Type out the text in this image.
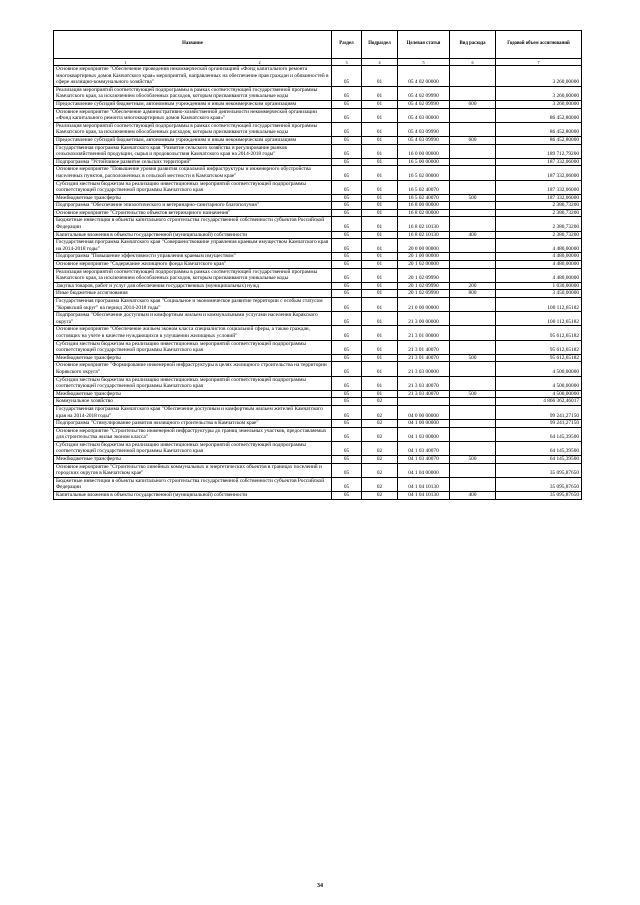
Название	Раздел	Подраздел	Целевая статья	Вид расхода	Годовой объем ассигнований
1 2	3	4	5	6	7
Основное мероприятие "Обеспечение проведения некоммерческой организацией «Фонд капитального ремонта многоквартирных домов Камчатского края» мероприятий, направленных на обеспечение прав граждан и обязанностей в сфере жилищно-коммунального хозяйства"	05	01	05 4 02 00000		3 260,00000
Реализация мероприятий соответствующей подпрограммы в рамках соответствующей государственной программы Камчатского края, за исключением обособленных расходов, которым присваиваются уникальные коды	05	01	05 4 02 09990		3 260,00000
Предоставление субсидий бюджетным, автономным учреждениям и иным некоммерческим организациям	05	01	05 4 02 09990	600	3 260,00000
Основное мероприятие "Обеспечение административно-хозяйственной деятельности некоммерческой организации «Фонд капитального ремонта многоквартирных домов Камчатского края»"	05	01	05 4 03 00000		86 452,80000
Реализация мероприятий соответствующей подпрограммы в рамках соответствующей государственной программы Камчатского края, за исключением обособленных расходов, которым присваиваются уникальные коды	05	01	05 4 03 09990		86 452,80000
Предоставление субсидий бюджетным, автономным учреждениям и иным некоммерческим организациям	05	01	05 4 03 09990	600	86 452,80000
Государственная программа Камчатского края "Развитие сельского хозяйства и регулирование рынков сельскохозяйственной продукции, сырья и продовольствия Камчатского края на 2014-2018 годы"	05	01	16 0 00 00000		189 712,79200
Подпрограмма "Устойчивое развитие сельских территорий"	05	01	16 5 00 00000		187 332,06000
Основное мероприятие "Повышение уровня развития социальной инфраструктуры и инженерного обустройства населенных пунктов, расположенных в сельской местности в Камчатском крае"	05	01	16 5 02 00000		187 332,06000
Субсидии местным бюджетам на реализацию инвестиционных мероприятий соответствующей подпрограммы соответствующей государственной программы Камчатского края	05	01	16 5 02 40070		187 332,06000
Межбюджетные трансферты	05	01	16 5 02 40070	500	187 332,06000
Подпрограмма "Обеспечение эпизоотического и ветеринарно-санитарного благополучия"	05	01	16 8 00 00000		2 380,73200
Основное мероприятие "Строительство объектов ветеринарного назначения"	05	01	16 8 02 00000		2 380,73200
Бюджетные инвестиции в объекты капитального строительства государственной собственности субъектов Российской Федерации	05	01	16 8 02 10130		2 380,73200
Капитальные вложения в объекты государственной (муниципальной) собственности	05	01	16 8 02 10130	400	2 380,73200
Государственная программа Камчатского края "Совершенствование управления краевым имуществом Камчатского края на 2014-2018 годы"	05	01	20 0 00 00000		4 480,00000
Подпрограмма "Повышение эффективности управления краевым имуществом"	05	01	20 1 00 00000		4 480,00000
Основное мероприятие "Содержание жилищного фонда Камчатского края"	05	01	20 1 02 00000		4 480,00000
Реализация мероприятий соответствующей подпрограммы в рамках соответствующей государственной программы Камчатского края, за исключением обособленных расходов, которым присваиваются уникальные коды	05	01	20 1 02 09990		4 480,00000
Закупка товаров, работ и услуг для обеспечения государственных (муниципальных) нужд	05	01	20 1 02 09990	200	1 030,00000
Иные бюджетные ассигнования	05	01	20 1 02 09990	800	3 450,00000
Государственная программа Камчатского края "Социальное и экономическое развитие территории с особым статусом "Корякский округ" на период 2014-2018 годы"	05	01	21 0 00 00000		100 112,65182
Подпрограмма "Обеспечение доступным и комфортным жильем и коммунальными услугами населения Корякского округа"	05	01	21 3 00 00000		100 112,65182
Основное мероприятие "Обеспечение жильем эконом класса специалистов социальной сферы, а также граждан, состоящих на учете в качестве нуждающихся в улучшении жилищных условий"	05	01	21 3 01 00000		95 612,65182
Субсидии местным бюджетам на реализацию инвестиционных мероприятий соответствующей подпрограммы соответствующей государственной программы Камчатского края	05	01	21 3 01 40070		95 612,65182
Межбюджетные трансферты	05	01	21 3 01 40070	500	95 612,65182
Основное мероприятие "Формирование инженерной инфраструктуры в целях жилищного строительства на территории Корякского округа"	05	01	21 3 03 00000		4 500,00000
Субсидии местным бюджетам на реализацию инвестиционных мероприятий соответствующей подпрограммы соответствующей государственной программы Камчатского края	05	01	21 3 03 40070		4 500,00000
Межбюджетные трансферты	05	01	21 3 03 40070	500	4 500,00000
Коммунальное хозяйство	05	02			4 866 362,46017
Государственная программа Камчатского края "Обеспечение доступным и комфортным жильем жителей Камчатского края на 2014-2018 годы"	05	02	04 0 00 00000		99 241,27150
Подпрограмма "Стимулирование развития жилищного строительства в Камчатском крае"	05	02	04 1 00 00000		99 241,27150
Основное мероприятие "Строительство инженерной инфраструктуры до границ земельных участков, предоставляемых для строительства жилья эконом класса"	05	02	04 1 03 00000		64 145,39500
Субсидии местным бюджетам на реализацию инвестиционных мероприятий соответствующей подпрограммы соответствующей государственной программы Камчатского края	05	02	04 1 03 40070		64 145,39500
Межбюджетные трансферты	05	02	04 1 03 40070	500	64 145,39500
Основное мероприятие "Строительство линейных коммунальных и энергетических объектов в границах поселений и городских округов в Камчатском крае"	05	02	04 1 04 00000		35 095,87650
Бюджетные инвестиции в объекты капитального строительства государственной собственности субъектов Российской Федерации	05	02	04 1 04 10130		35 095,87650
Капитальные вложения в объекты государственной (муниципальной) собственности	05	02	04 1 04 10130	400	35 095,87650
34
